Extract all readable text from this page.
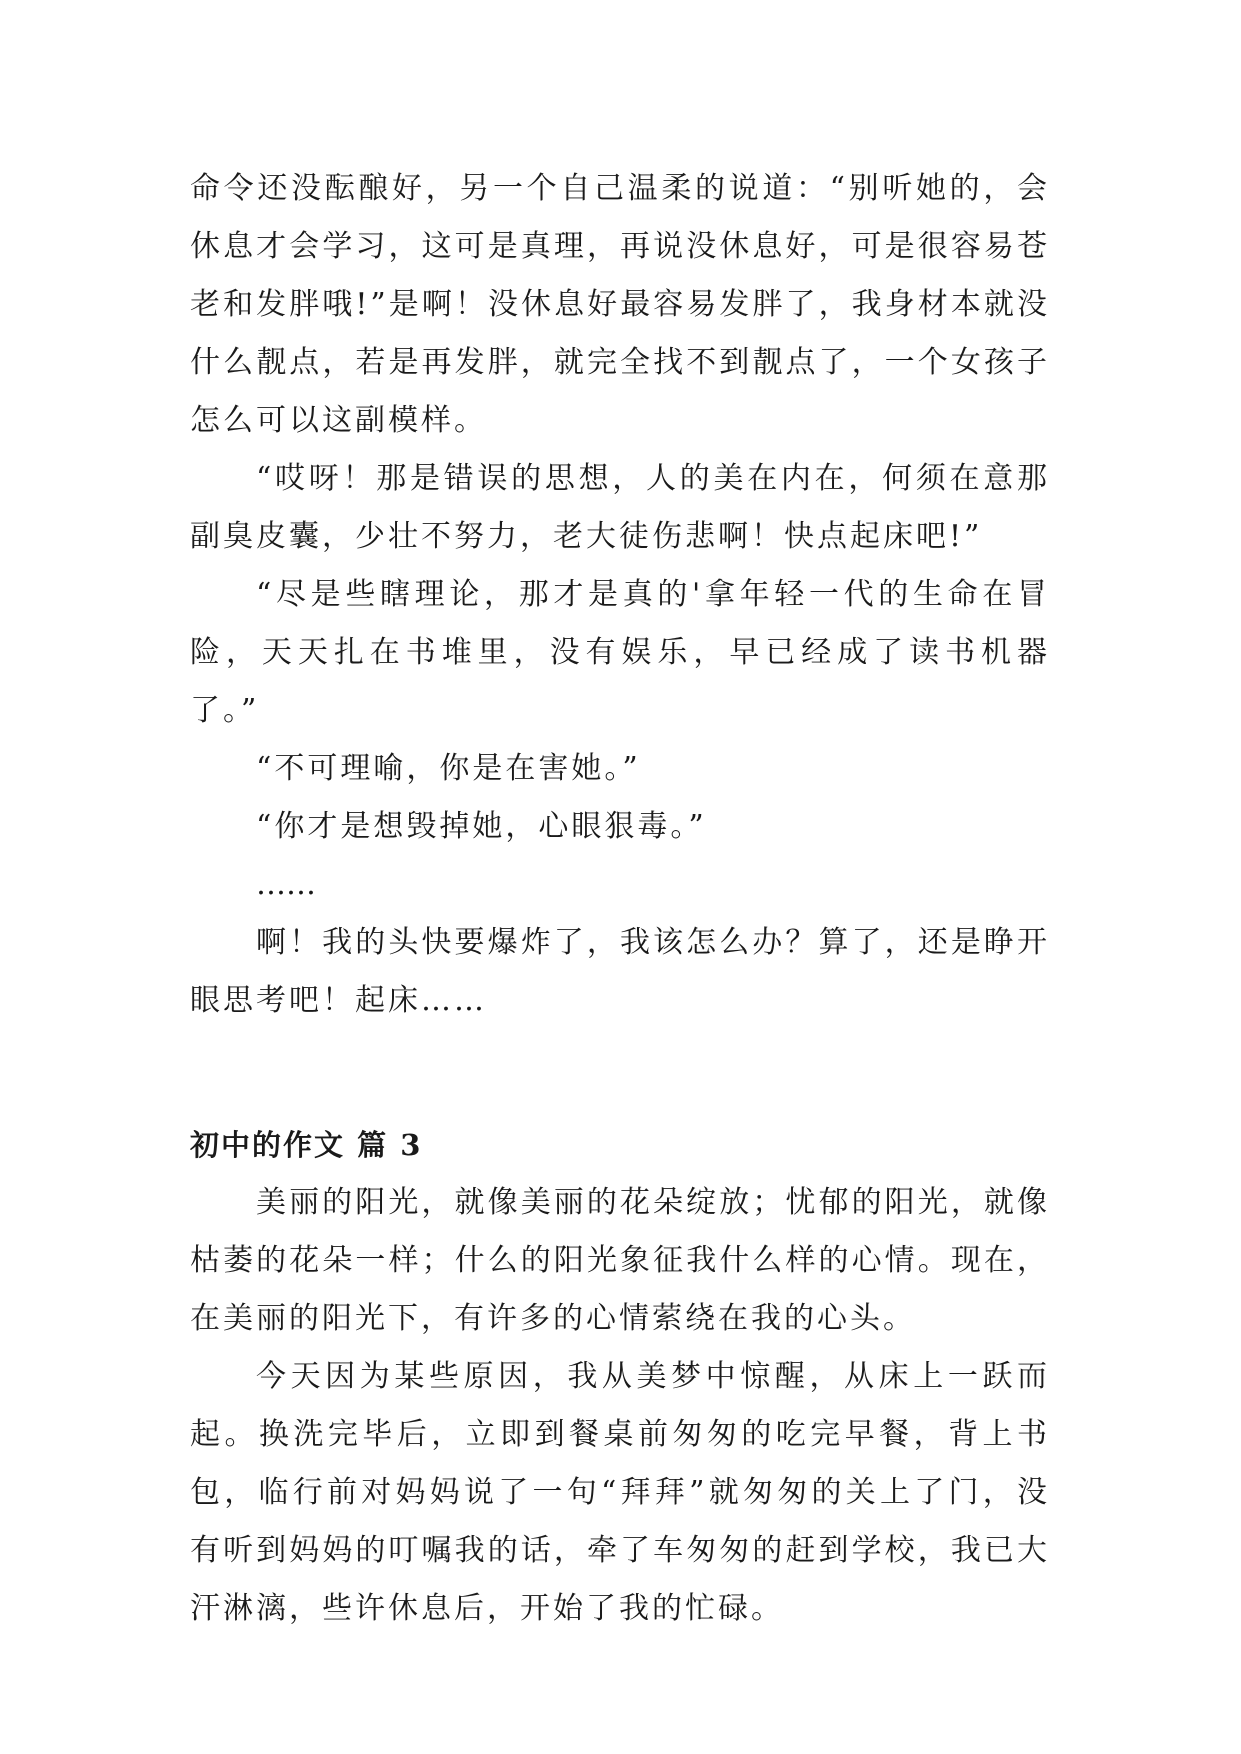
命令还没酝酿好，另一个自己温柔的说道：“别听她的，会休息才会学习，这可是真理，再说没休息好，可是很容易苍老和发胖哦!”是啊！没休息好最容易发胖了，我身材本就没什么靓点，若是再发胖，就完全找不到靓点了，一个女孩子怎么可以这副模样。

“哎呀！那是错误的思想，人的美在内在，何须在意那副臭皮囊，少壮不努力，老大徒伤悲啊！快点起床吧!”

“尽是些瞎理论，那才是真的'拿年轻一代的生命在冒险，天天扎在书堆里，没有娱乐，早已经成了读书机器了。”

“不可理喻，你是在害她。”

“你才是想毁掉她，心眼狠毒。”

……

啊！我的头快要爆炸了，我该怎么办？算了，还是睁开眼思考吧！起床……

初中的作文 篇 3

美丽的阳光，就像美丽的花朵绽放；忧郁的阳光，就像枯萎的花朵一样；什么的阳光象征我什么样的心情。现在，在美丽的阳光下，有许多的心情萦绕在我的心头。

今天因为某些原因，我从美梦中惊醒，从床上一跃而起。换洗完毕后，立即到餐桌前匆匆的吃完早餐，背上书包，临行前对妈妈说了一句“拜拜”就匆匆的关上了门，没有听到妈妈的叮嘱我的话，牵了车匆匆的赶到学校，我已大汗淋漓，些许休息后，开始了我的忙碌。
